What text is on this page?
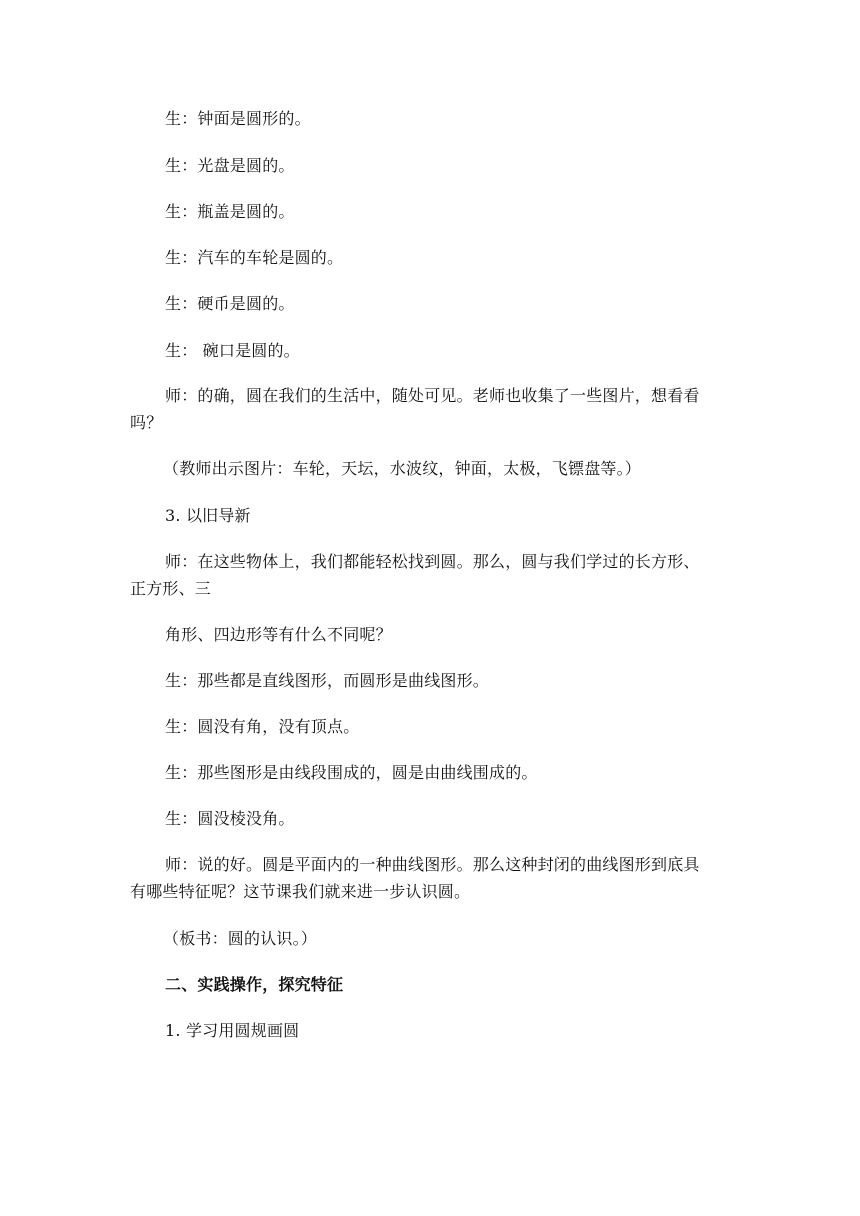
生：钟面是圆形的。
生：光盘是圆的。
生：瓶盖是圆的。
生：汽车的车轮是圆的。
生：硬币是圆的。
生： 碗口是圆的。
师：的确，圆在我们的生活中，随处可见。老师也收集了一些图片，想看看
吗？
（教师出示图片：车轮，天坛，水波纹，钟面，太极，飞镖盘等。）
3. 以旧导新
师：在这些物体上，我们都能轻松找到圆。那么，圆与我们学过的长方形、
正方形、三
角形、四边形等有什么不同呢？
生：那些都是直线图形，而圆形是曲线图形。
生：圆没有角，没有顶点。
生：那些图形是由线段围成的，圆是由曲线围成的。
生：圆没棱没角。
师：说的好。圆是平面内的一种曲线图形。那么这种封闭的曲线图形到底具
有哪些特征呢？这节课我们就来进一步认识圆。
（板书：圆的认识。）
二、实践操作，探究特征
1. 学习用圆规画圆
